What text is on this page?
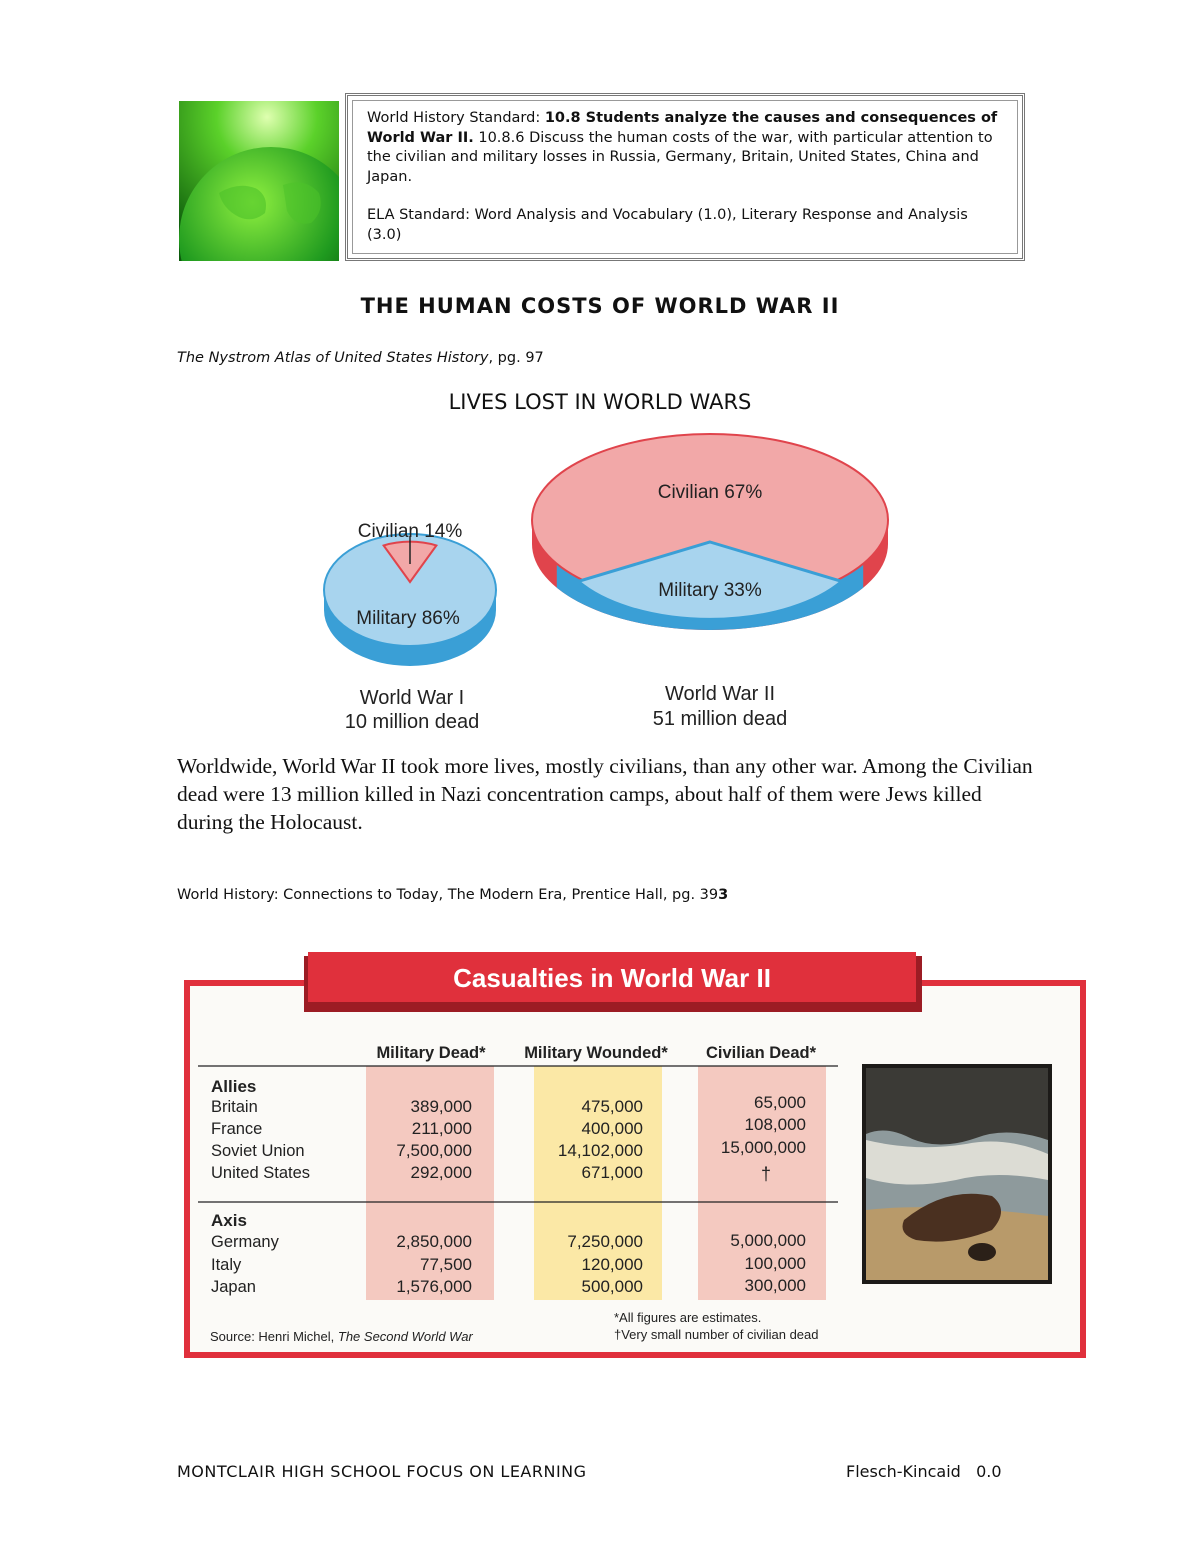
World History Standard: 10.8 Students analyze the causes and consequences of World War II. 10.8.6 Discuss the human costs of the war, with particular attention to the civilian and military losses in Russia, Germany, Britain, United States, China and Japan.

ELA Standard: Word Analysis and Vocabulary (1.0), Literary Response and Analysis (3.0)

THE HUMAN COSTS OF WORLD WAR II
The Nystrom Atlas of United States History, pg. 97
LIVES LOST IN WORLD WARS
Civilian 14%
Military 86%
Civilian 67%
Military 33%
World War I
10 million dead
World War II
51 million dead
Worldwide, World War II took more lives, mostly civilians, than any other war. Among the Civilian dead were 13 million killed in Nazi concentration camps, about half of them were Jews killed during the Holocaust.
World History: Connections to Today, The Modern Era, Prentice Hall, pg. 393
Casualties in World War II
Military Dead* Military Wounded* Civilian Dead*
Allies
Britain	389,000	475,000	65,000
France	211,000	400,000	108,000
Soviet Union	7,500,000	14,102,000	15,000,000
United States	292,000	671,000	†
Axis
Germany	2,850,000	7,250,000	5,000,000
Italy	77,500	120,000	100,000
Japan	1,576,000	500,000	300,000
*All figures are estimates.
†Very small number of civilian dead
Source: Henri Michel, The Second World War
MONTCLAIR HIGH SCHOOL FOCUS ON LEARNING	Flesch-Kincaid   0.0
